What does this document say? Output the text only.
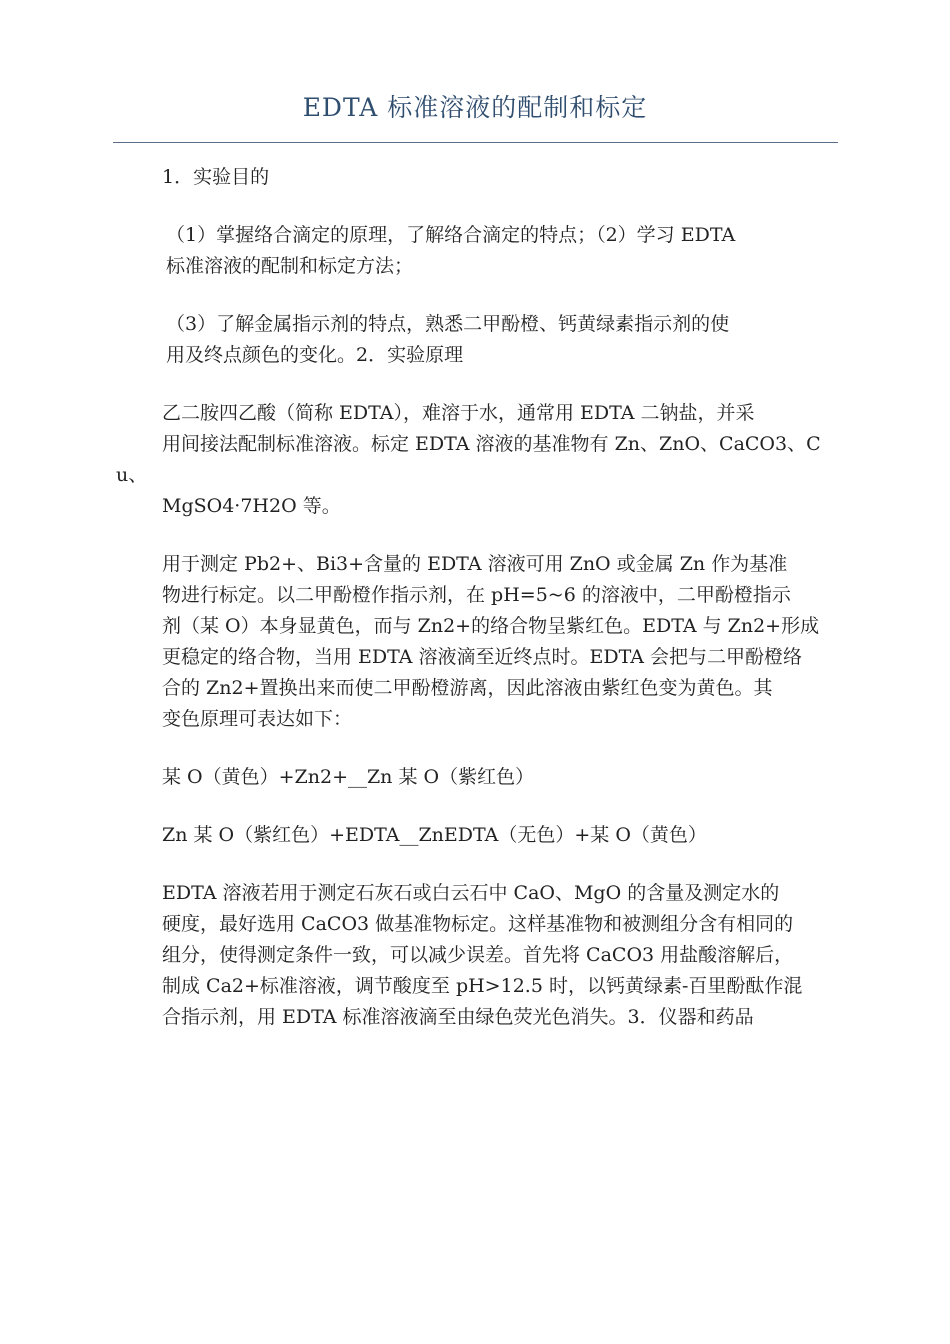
EDTA 标准溶液的配制和标定

1．实验目的

（1）掌握络合滴定的原理，了解络合滴定的特点；（2）学习 EDTA
标准溶液的配制和标定方法；

（3）了解金属指示剂的特点，熟悉二甲酚橙、钙黄绿素指示剂的使
用及终点颜色的变化。2．实验原理

乙二胺四乙酸（简称 EDTA），难溶于水，通常用 EDTA 二钠盐，并采
用间接法配制标准溶液。标定 EDTA 溶液的基准物有 Zn、ZnO、CaCO3、Cu、
MgSO4·7H2O 等。

用于测定 Pb2+、Bi3+含量的 EDTA 溶液可用 ZnO 或金属 Zn 作为基准
物进行标定。以二甲酚橙作指示剂，在 pH=5~6 的溶液中，二甲酚橙指示
剂（某 O）本身显黄色，而与 Zn2+的络合物呈紫红色。EDTA 与 Zn2+形成
更稳定的络合物，当用 EDTA 溶液滴至近终点时。EDTA 会把与二甲酚橙络
合的 Zn2+置换出来而使二甲酚橙游离，因此溶液由紫红色变为黄色。其
变色原理可表达如下：

某 O（黄色）+Zn2+__Zn 某 O（紫红色）

Zn 某 O（紫红色）+EDTA__ZnEDTA（无色）+某 O（黄色）

EDTA 溶液若用于测定石灰石或白云石中 CaO、MgO 的含量及测定水的
硬度，最好选用 CaCO3 做基准物标定。这样基准物和被测组分含有相同的
组分，使得测定条件一致，可以减少误差。首先将 CaCO3 用盐酸溶解后，
制成 Ca2+标准溶液，调节酸度至 pH>12.5 时，以钙黄绿素-百里酚酞作混
合指示剂，用 EDTA 标准溶液滴至由绿色荧光色消失。3．仪器和药品
